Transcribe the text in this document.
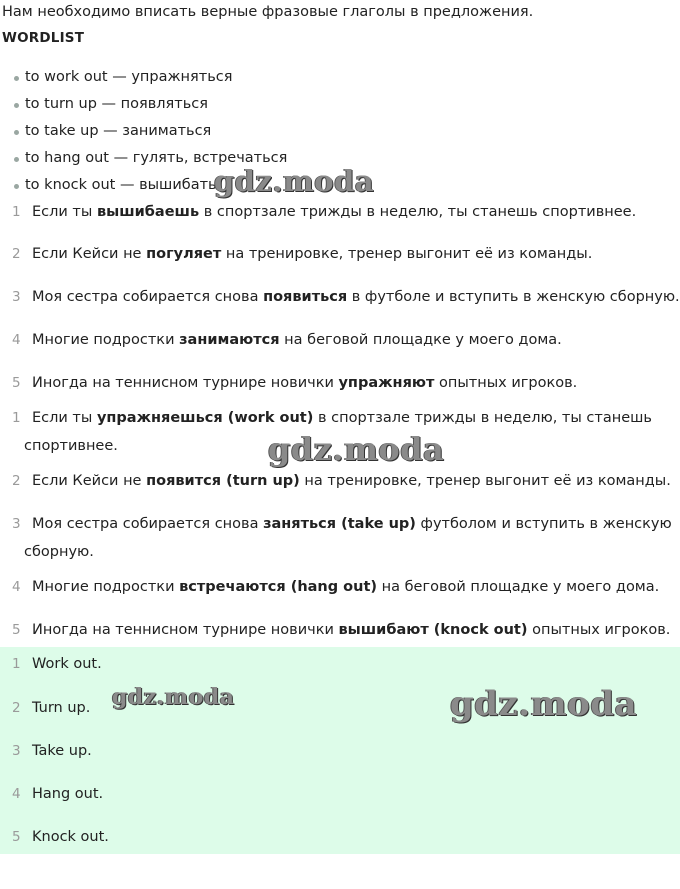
Нам необходимо вписать верные фразовые глаголы в предложения.
WORDLIST
to work out — упражняться
to turn up — появляться
to take up — заниматься
to hang out — гулять, встречаться
to knock out — вышибать
1 Если ты вышибаешь в спортзале трижды в неделю, ты станешь спортивнее.
2 Если Кейси не погуляет на тренировке, тренер выгонит её из команды.
3 Моя сестра собирается снова появиться в футболе и вступить в женскую сборную.
4 Многие подростки занимаются на беговой площадке у моего дома.
5 Иногда на теннисном турнире новички упражняют опытных игроков.
1 Если ты упражняешься (work out) в спортзале трижды в неделю, ты станешь
спортивнее.
2 Если Кейси не появится (turn up) на тренировке, тренер выгонит её из команды.
3 Моя сестра собирается снова заняться (take up) футболом и вступить в женскую
сборную.
4 Многие подростки встречаются (hang out) на беговой площадке у моего дома.
5 Иногда на теннисном турнире новички вышибают (knock out) опытных игроков.
1 Work out.
2 Turn up.
3 Take up.
4 Hang out.
5 Knock out.
gdz.moda
gdz.moda
gdz.moda	gdz.moda
